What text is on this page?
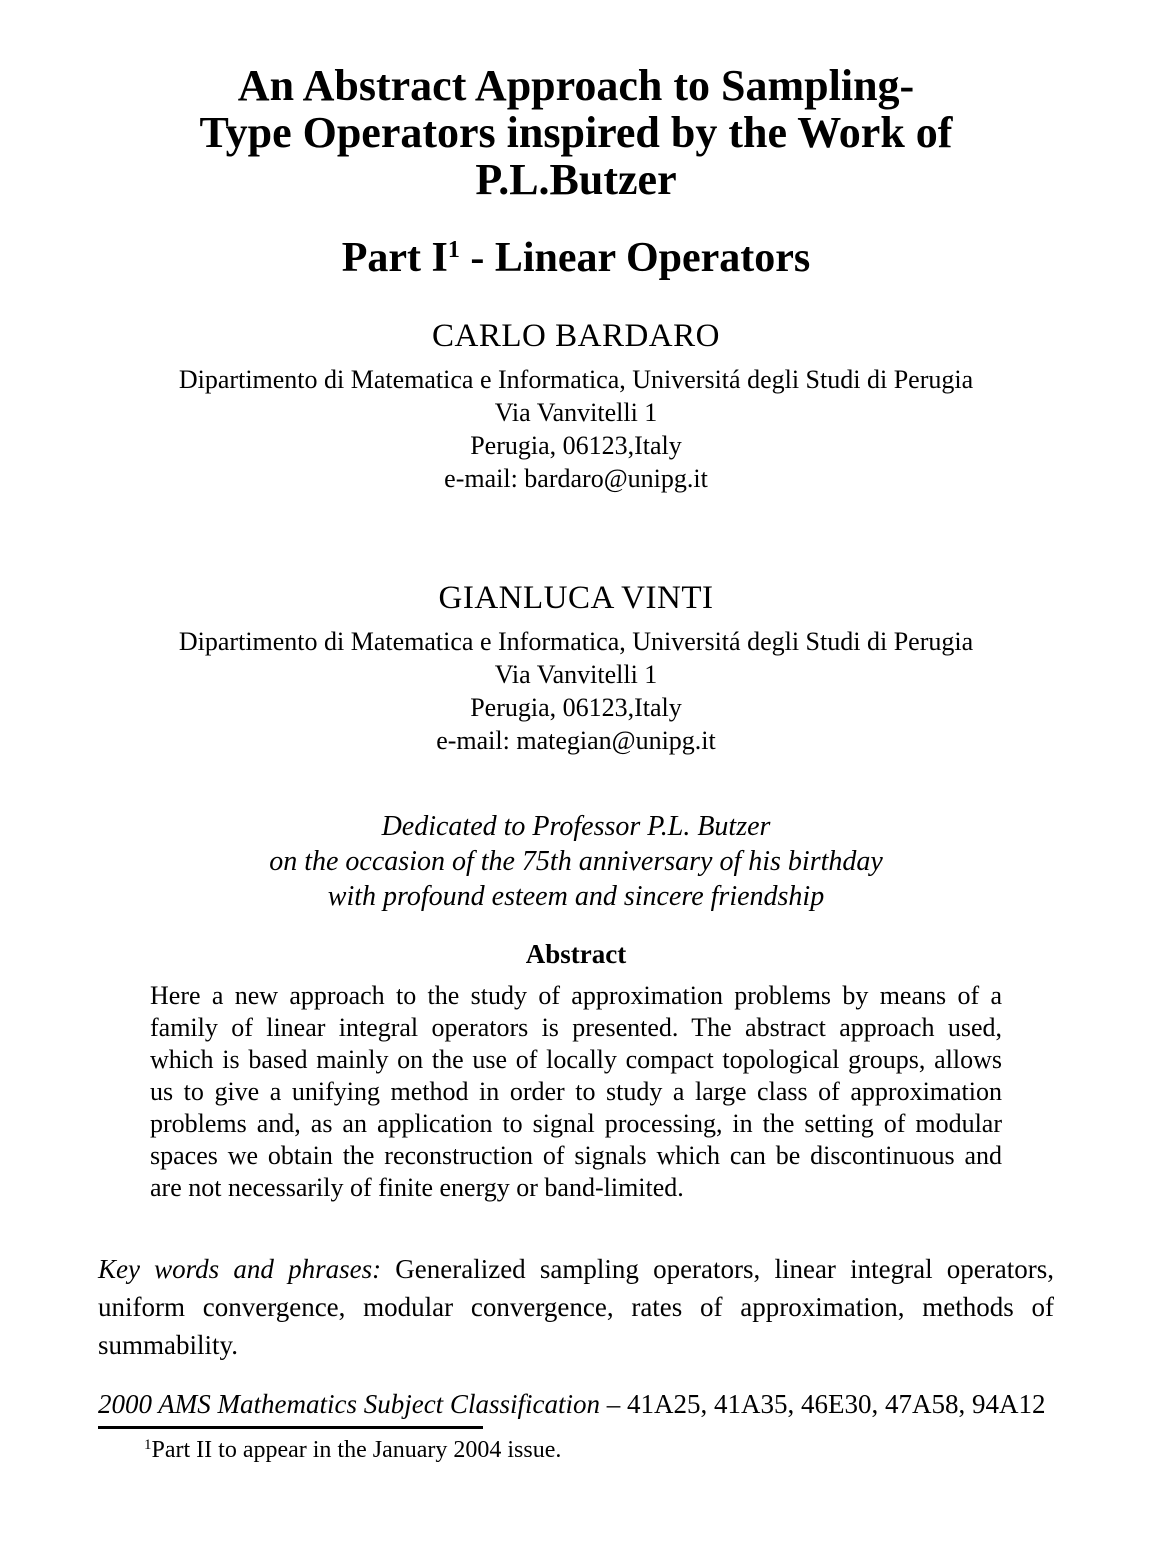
An Abstract Approach to Sampling-
Type Operators inspired by the Work of
P.L.Butzer
Part $I^1$ - Linear Operators
CARLO BARDARO
Dipartimento di Matematica e Informatica, Universitá degli Studi di Perugia
Via Vanvitelli 1
Perugia, 06123,Italy
e-mail: bardaro@unipg.it
GIANLUCA VINTI
Dipartimento di Matematica e Informatica, Universitá degli Studi di Perugia
Via Vanvitelli 1
Perugia, 06123,Italy
e-mail: mategian@unipg.it
Dedicated to Professor P.L. Butzer
on the occasion of the 75th anniversary of his birthday
with profound esteem and sincere friendship
Abstract

Here a new approach to the study of approximation problems by means of a family of linear integral operators is presented. The abstract approach used, which is based mainly on the use of locally compact topological groups, allows us to give a unifying method in order to study a large class of approximation problems and, as an application to signal processing, in the setting of modular spaces we obtain the reconstruction of signals which can be discontinuous and are not necessarily of finite energy or band-limited.

Key words and phrases: Generalized sampling operators, linear integral operators, uniform convergence, modular convergence, rates of approximation, methods of summability.

2000 AMS Mathematics Subject Classification – 41A25, 41A35, 46E30, 47A58, 94A12

$^1$Part II to appear in the January 2004 issue.
